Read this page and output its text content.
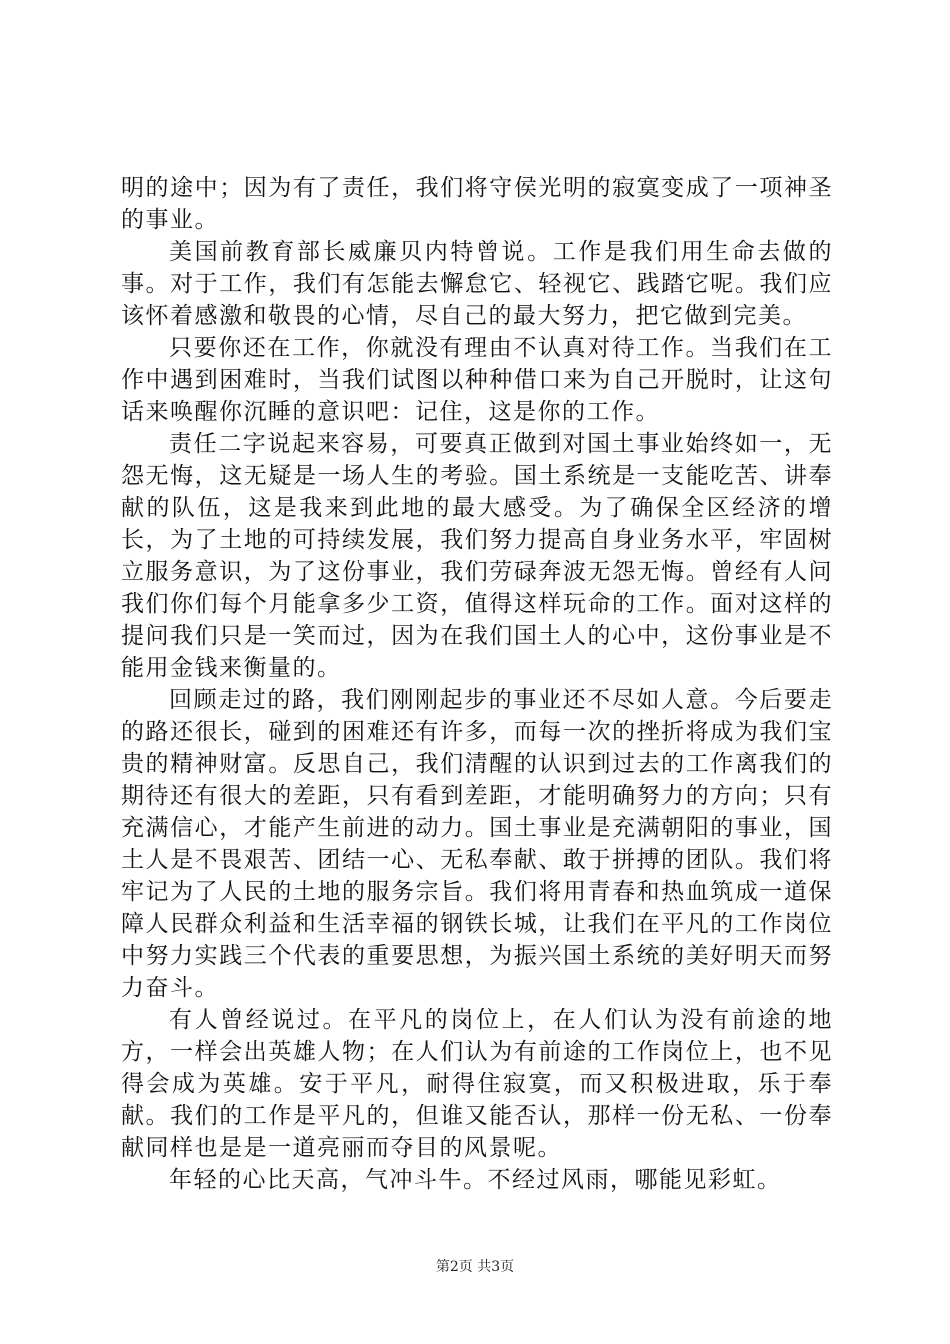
明的途中；因为有了责任，我们将守侯光明的寂寞变成了一项神圣的事业。

美国前教育部长威廉贝内特曾说。工作是我们用生命去做的事。对于工作，我们有怎能去懈怠它、轻视它、践踏它呢。我们应该怀着感激和敬畏的心情，尽自己的最大努力，把它做到完美。

只要你还在工作，你就没有理由不认真对待工作。当我们在工作中遇到困难时，当我们试图以种种借口来为自己开脱时，让这句话来唤醒你沉睡的意识吧：记住，这是你的工作。

责任二字说起来容易，可要真正做到对国土事业始终如一，无怨无悔，这无疑是一场人生的考验。国土系统是一支能吃苦、讲奉献的队伍，这是我来到此地的最大感受。为了确保全区经济的增长，为了土地的可持续发展，我们努力提高自身业务水平，牢固树立服务意识，为了这份事业，我们劳碌奔波无怨无悔。曾经有人问我们你们每个月能拿多少工资，值得这样玩命的工作。面对这样的提问我们只是一笑而过，因为在我们国土人的心中，这份事业是不能用金钱来衡量的。

回顾走过的路，我们刚刚起步的事业还不尽如人意。今后要走的路还很长，碰到的困难还有许多，而每一次的挫折将成为我们宝贵的精神财富。反思自己，我们清醒的认识到过去的工作离我们的期待还有很大的差距，只有看到差距，才能明确努力的方向；只有充满信心，才能产生前进的动力。国土事业是充满朝阳的事业，国土人是不畏艰苦、团结一心、无私奉献、敢于拼搏的团队。我们将牢记为了人民的土地的服务宗旨。我们将用青春和热血筑成一道保障人民群众利益和生活幸福的钢铁长城，让我们在平凡的工作岗位中努力实践三个代表的重要思想，为振兴国土系统的美好明天而努力奋斗。

有人曾经说过。在平凡的岗位上，在人们认为没有前途的地方，一样会出英雄人物；在人们认为有前途的工作岗位上，也不见得会成为英雄。安于平凡，耐得住寂寞，而又积极进取，乐于奉献。我们的工作是平凡的，但谁又能否认，那样一份无私、一份奉献同样也是是一道亮丽而夺目的风景呢。

年轻的心比天高，气冲斗牛。不经过风雨，哪能见彩虹。

第2页 共3页
